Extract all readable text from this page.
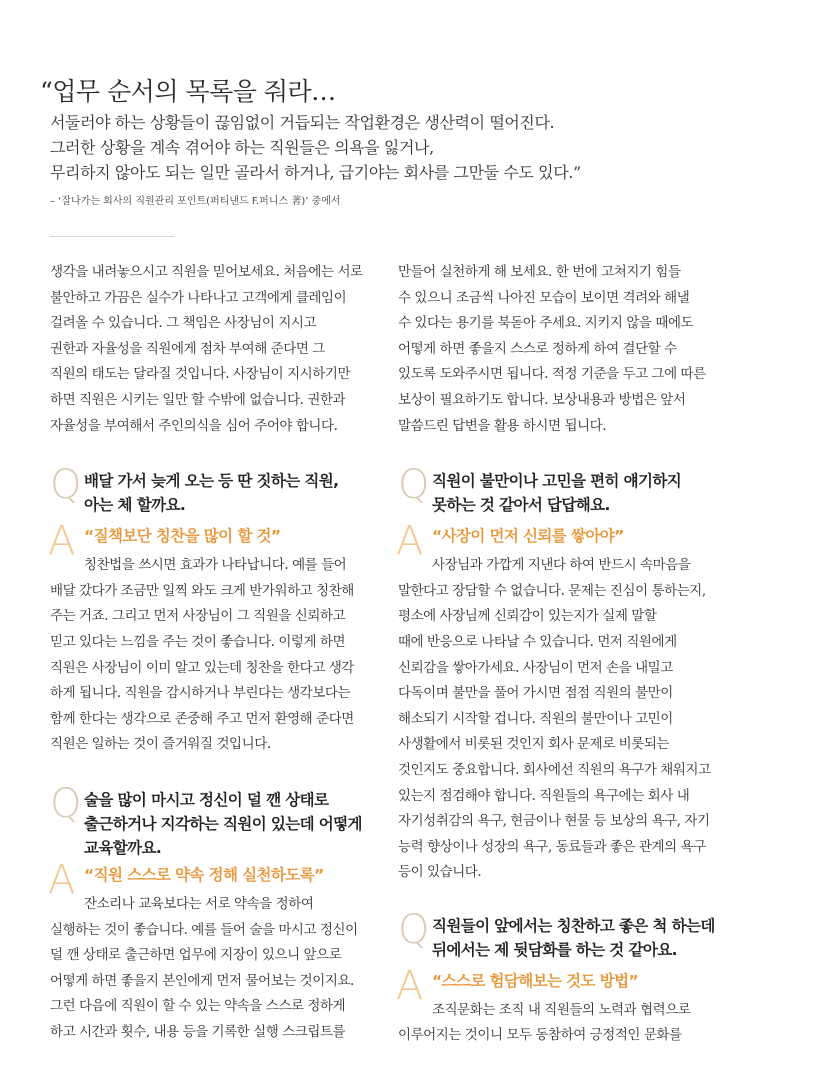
“업무 순서의 목록을 줘라…
서둘러야 하는 상황들이 끊임없이 거듭되는 작업환경은 생산력이 떨어진다.
그러한 상황을 계속 겪어야 하는 직원들은 의욕을 잃거나,
무리하지 않아도 되는 일만 골라서 하거나, 급기야는 회사를 그만둘 수도 있다.”
– ‘잘나가는 회사의 직원관리 포인트(퍼티낸드 F.퍼니스 著)’ 중에서
생각을 내려놓으시고 직원을 믿어보세요. 처음에는 서로
불안하고 가끔은 실수가 나타나고 고객에게 클레임이
걸려올 수 있습니다. 그 책임은 사장님이 지시고
권한과 자율성을 직원에게 점차 부여해 준다면 그
직원의 태도는 달라질 것입니다. 사장님이 지시하기만
하면 직원은 시키는 일만 할 수밖에 없습니다. 권한과
자율성을 부여해서 주인의식을 심어 주어야 합니다.
Q 배달 가서 늦게 오는 등 딴 짓하는 직원,
아는 체 할까요.
A “질책보단 칭찬을 많이 할 것”
칭찬법을 쓰시면 효과가 나타납니다. 예를 들어
배달 갔다가 조금만 일찍 와도 크게 반가워하고 칭찬해
주는 거죠. 그리고 먼저 사장님이 그 직원을 신뢰하고
믿고 있다는 느낌을 주는 것이 좋습니다. 이렇게 하면
직원은 사장님이 이미 알고 있는데 칭찬을 한다고 생각
하게 됩니다. 직원을 감시하거나 부린다는 생각보다는
함께 한다는 생각으로 존중해 주고 먼저 환영해 준다면
직원은 일하는 것이 즐거워질 것입니다.
Q 술을 많이 마시고 정신이 덜 깬 상태로
출근하거나 지각하는 직원이 있는데 어떻게
교육할까요.
A “직원 스스로 약속 정해 실천하도록”
잔소리나 교육보다는 서로 약속을 정하여
실행하는 것이 좋습니다. 예를 들어 술을 마시고 정신이
덜 깬 상태로 출근하면 업무에 지장이 있으니 앞으로
어떻게 하면 좋을지 본인에게 먼저 물어보는 것이지요.
그런 다음에 직원이 할 수 있는 약속을 스스로 정하게
하고 시간과 횟수, 내용 등을 기록한 실행 스크립트를
만들어 실천하게 해 보세요. 한 번에 고쳐지기 힘들
수 있으니 조금씩 나아진 모습이 보이면 격려와 해낼
수 있다는 용기를 북돋아 주세요. 지키지 않을 때에도
어떻게 하면 좋을지 스스로 정하게 하여 결단할 수
있도록 도와주시면 됩니다. 적정 기준을 두고 그에 따른
보상이 필요하기도 합니다. 보상내용과 방법은 앞서
말씀드린 답변을 활용 하시면 됩니다.
Q 직원이 불만이나 고민을 편히 얘기하지
못하는 것 같아서 답답해요.
A “사장이 먼저 신뢰를 쌓아야”
사장님과 가깝게 지낸다 하여 반드시 속마음을
말한다고 장담할 수 없습니다. 문제는 진심이 통하는지,
평소에 사장님께 신뢰감이 있는지가 실제 말할
때에 반응으로 나타날 수 있습니다. 먼저 직원에게
신뢰감을 쌓아가세요. 사장님이 먼저 손을 내밀고
다독이며 불만을 풀어 가시면 점점 직원의 불만이
해소되기 시작할 겁니다. 직원의 불만이나 고민이
사생활에서 비롯된 것인지 회사 문제로 비롯되는
것인지도 중요합니다. 회사에선 직원의 욕구가 채워지고
있는지 점검해야 합니다. 직원들의 욕구에는 회사 내
자기성취감의 욕구, 현금이나 현물 등 보상의 욕구, 자기
능력 향상이나 성장의 욕구, 동료들과 좋은 관계의 욕구
등이 있습니다.
Q 직원들이 앞에서는 칭찬하고 좋은 척 하는데
뒤에서는 제 뒷담화를 하는 것 같아요.
A “스스로 험담해보는 것도 방법”
조직문화는 조직 내 직원들의 노력과 협력으로
이루어지는 것이니 모두 동참하여 긍정적인 문화를
